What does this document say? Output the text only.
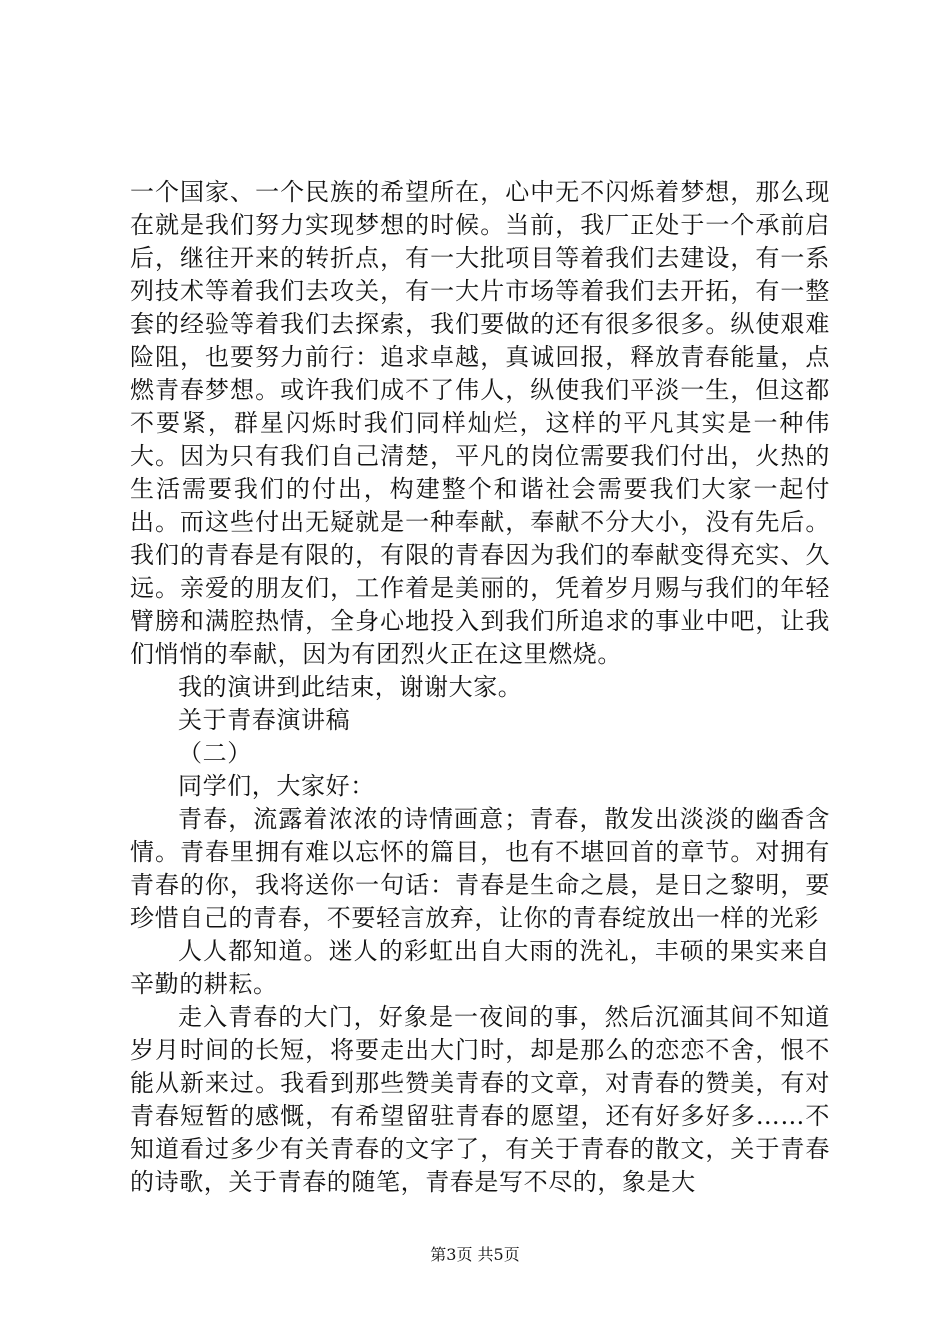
一个国家、一个民族的希望所在，心中无不闪烁着梦想，那么现在就是我们努力实现梦想的时候。当前，我厂正处于一个承前启后，继往开来的转折点，有一大批项目等着我们去建设，有一系列技术等着我们去攻关，有一大片市场等着我们去开拓，有一整套的经验等着我们去探索，我们要做的还有很多很多。纵使艰难险阻，也要努力前行：追求卓越，真诚回报，释放青春能量，点燃青春梦想。或许我们成不了伟人，纵使我们平淡一生，但这都不要紧，群星闪烁时我们同样灿烂，这样的平凡其实是一种伟大。因为只有我们自己清楚，平凡的岗位需要我们付出，火热的生活需要我们的付出，构建整个和谐社会需要我们大家一起付出。而这些付出无疑就是一种奉献，奉献不分大小，没有先后。我们的青春是有限的，有限的青春因为我们的奉献变得充实、久远。亲爱的朋友们，工作着是美丽的，凭着岁月赐与我们的年轻臂膀和满腔热情，全身心地投入到我们所追求的事业中吧，让我们悄悄的奉献，因为有团烈火正在这里燃烧。

我的演讲到此结束，谢谢大家。

关于青春演讲稿

（二）

同学们，大家好：

青春，流露着浓浓的诗情画意；青春，散发出淡淡的幽香含情。青春里拥有难以忘怀的篇目，也有不堪回首的章节。对拥有青春的你，我将送你一句话：青春是生命之晨，是日之黎明，要珍惜自己的青春，不要轻言放弃，让你的青春绽放出一样的光彩

人人都知道。迷人的彩虹出自大雨的洗礼，丰硕的果实来自辛勤的耕耘。

走入青春的大门，好象是一夜间的事，然后沉湎其间不知道岁月时间的长短，将要走出大门时，却是那么的恋恋不舍，恨不能从新来过。我看到那些赞美青春的文章，对青春的赞美，有对青春短暂的感慨，有希望留驻青春的愿望，还有好多好多……不知道看过多少有关青春的文字了，有关于青春的散文，关于青春的诗歌，关于青春的随笔，青春是写不尽的，象是大

第3页 共5页
